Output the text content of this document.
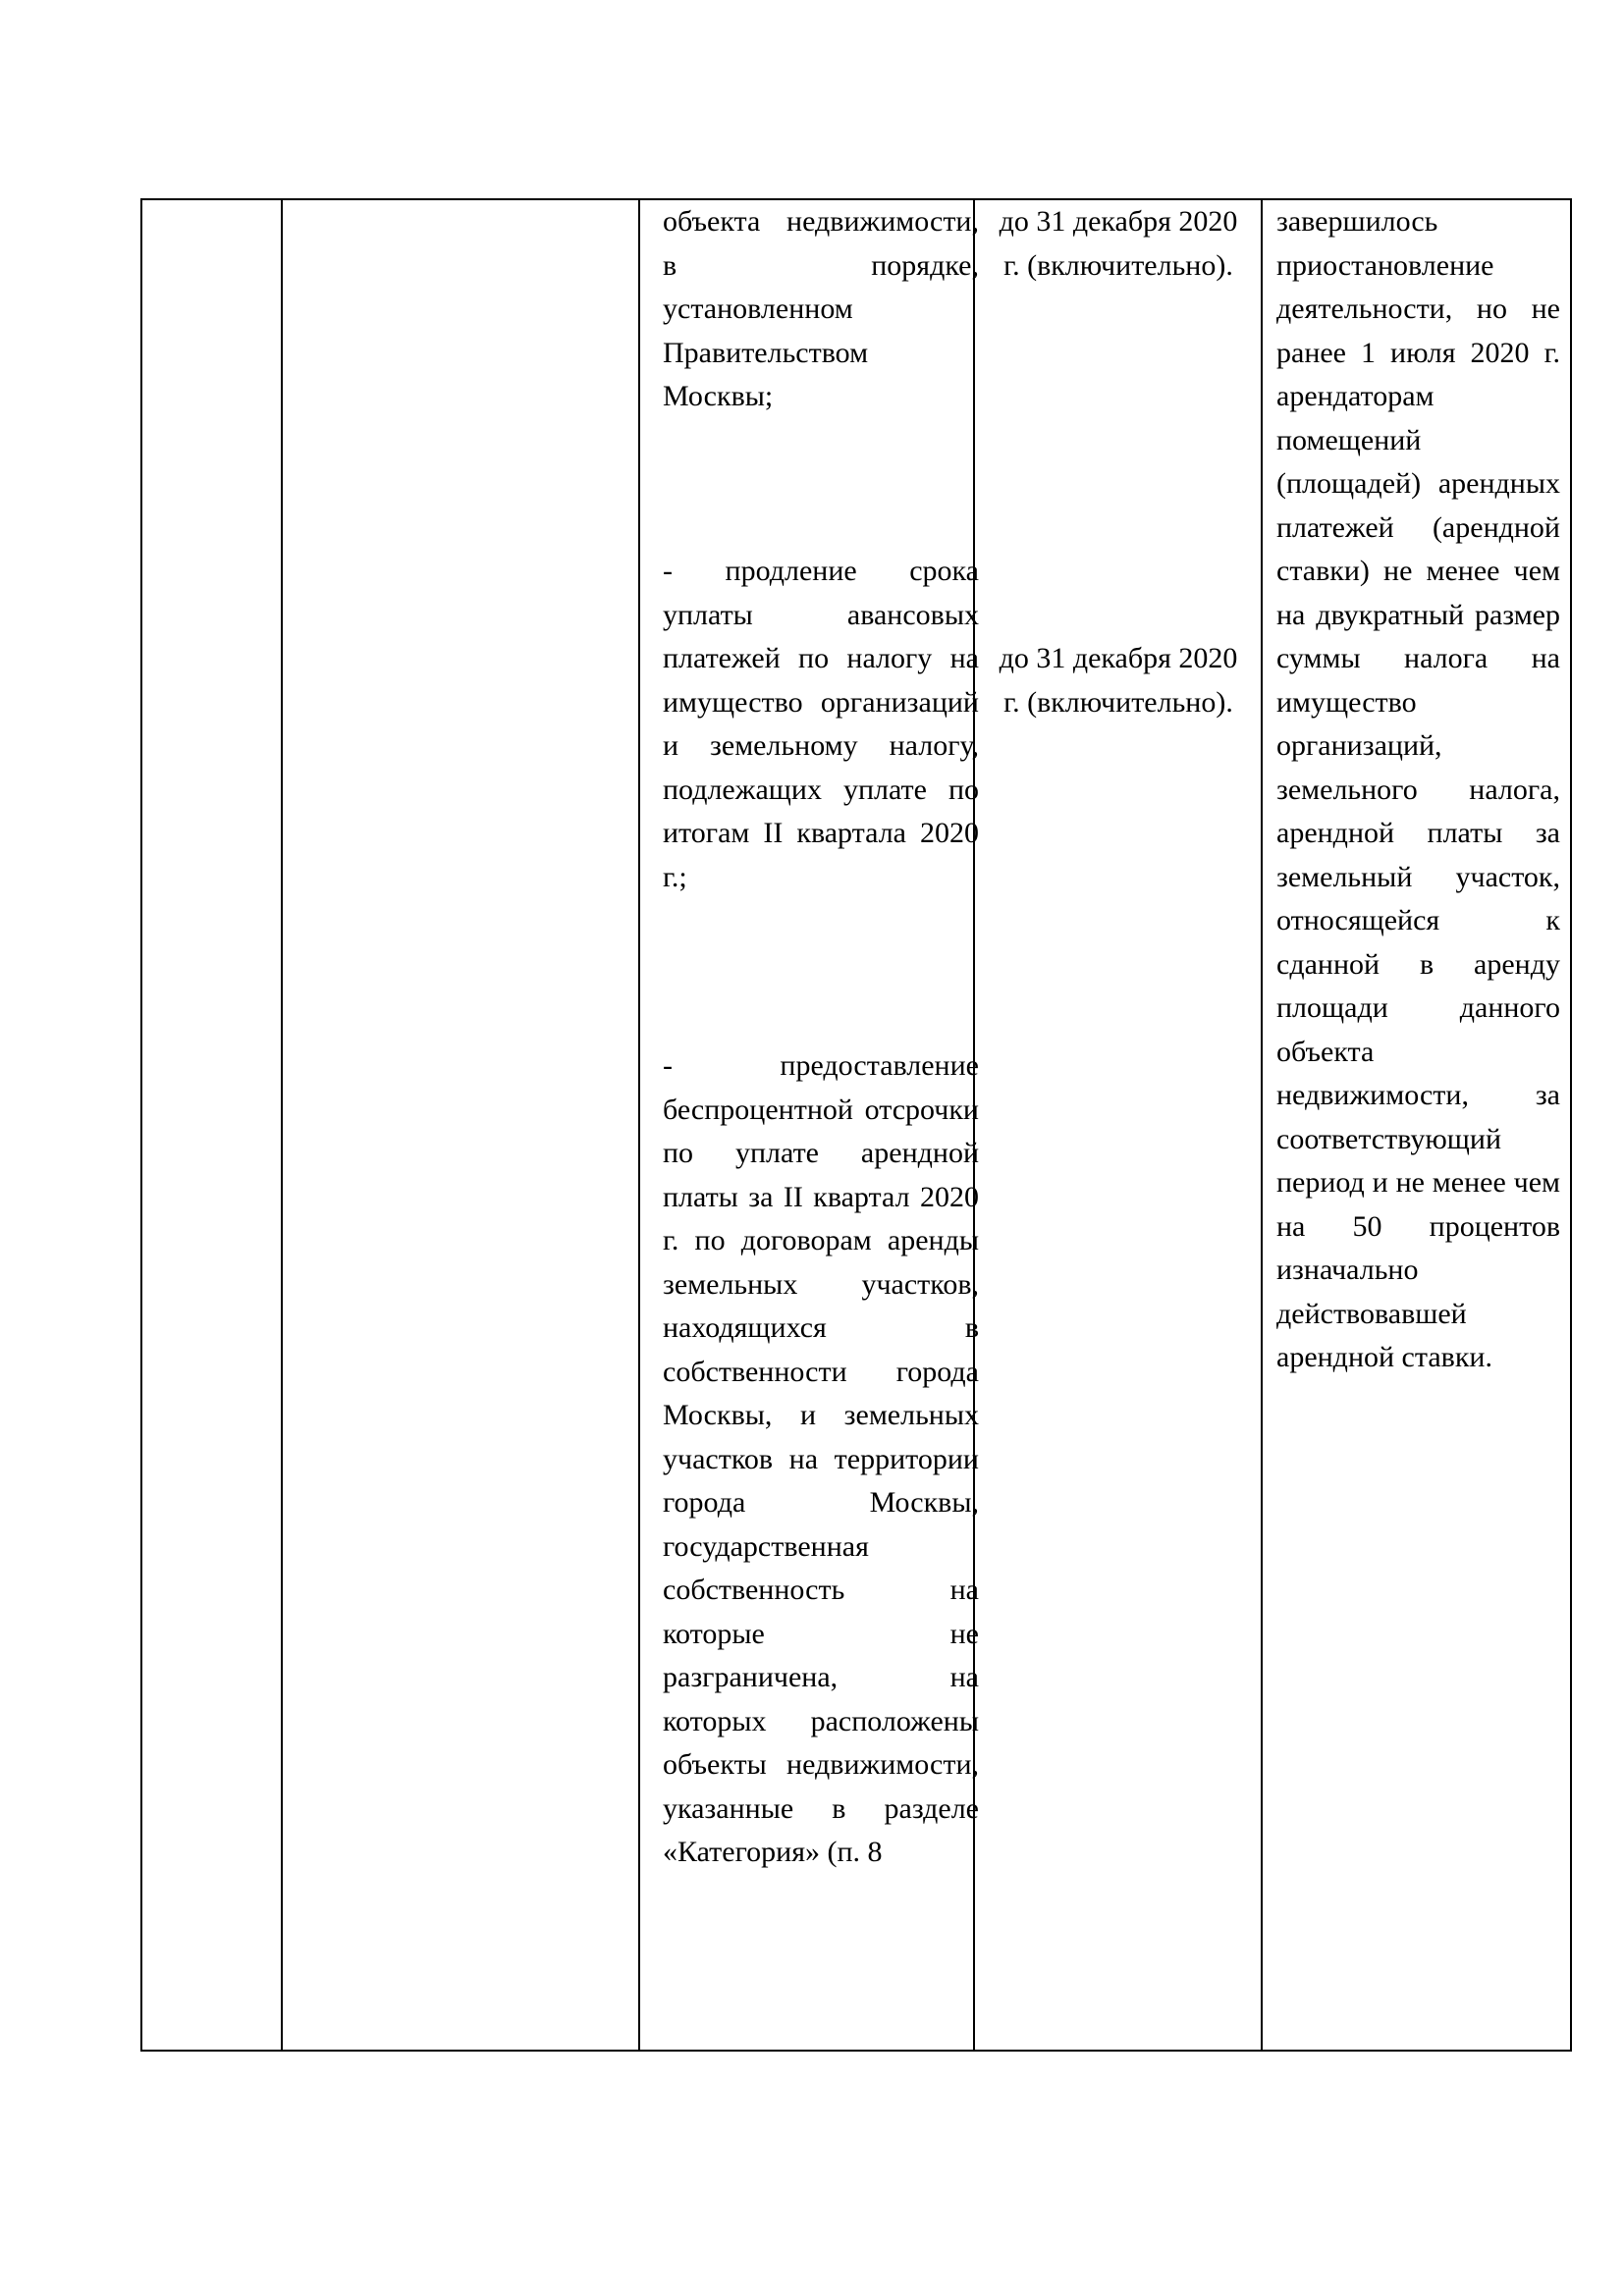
объекта недвижимости, в порядке, установленном Правительством Москвы;

- продление срока уплаты авансовых платежей по налогу на имущество организаций и земельному налогу, подлежащих уплате по итогам II квартала 2020 г.;

- предоставление беспроцентной отсрочки по уплате арендной платы за II квартал 2020 г. по договорам аренды земельных участков, находящихся в собственности города Москвы, и земельных участков на территории города Москвы, государственная собственность на которые не разграничена, на которых расположены объекты недвижимости, указанные в разделе «Категория» (п. 8

до 31 декабря 2020 г. (включительно).

до 31 декабря 2020 г. (включительно).

завершилось приостановление деятельности, но не ранее 1 июля 2020 г. арендаторам помещений (площадей) арендных платежей (арендной ставки) не менее чем на двукратный размер суммы налога на имущество организаций, земельного налога, арендной платы за земельный участок, относящейся к сданной в аренду площади данного объекта недвижимости, за соответствующий период и не менее чем на 50 процентов изначально действовавшей арендной ставки.
